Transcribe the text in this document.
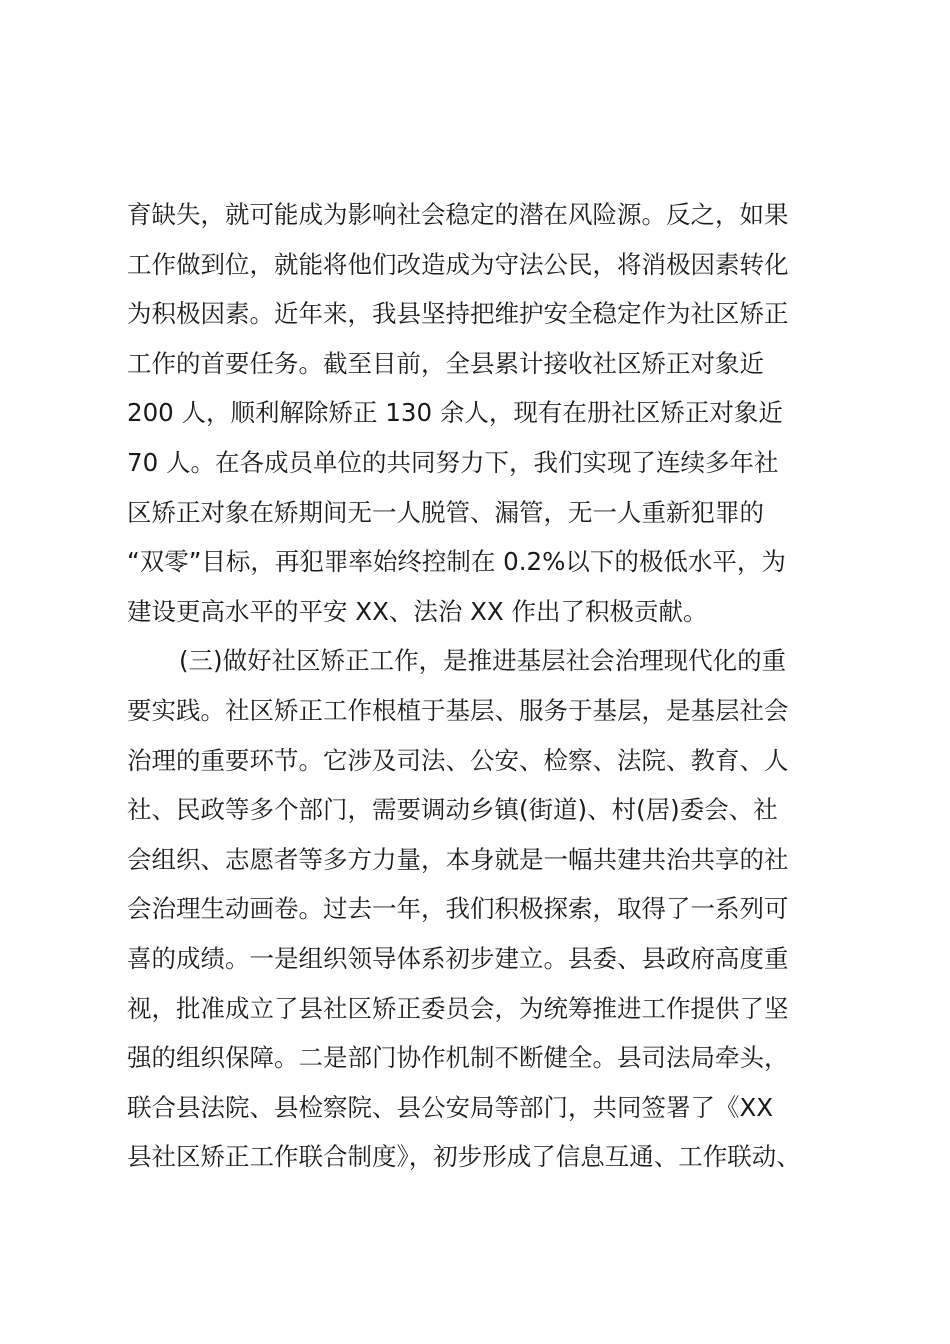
育缺失，就可能成为影响社会稳定的潜在风险源。反之，如果
工作做到位，就能将他们改造成为守法公民，将消极因素转化
为积极因素。近年来，我县坚持把维护安全稳定作为社区矫正
工作的首要任务。截至目前，全县累计接收社区矫正对象近
200 人，顺利解除矫正 130 余人，现有在册社区矫正对象近
70 人。在各成员单位的共同努力下，我们实现了连续多年社
区矫正对象在矫期间无一人脱管、漏管，无一人重新犯罪的
“双零”目标，再犯罪率始终控制在 0.2%以下的极低水平，为
建设更高水平的平安 XX、法治 XX 作出了积极贡献。
(三)做好社区矫正工作，是推进基层社会治理现代化的重
要实践。社区矫正工作根植于基层、服务于基层，是基层社会
治理的重要环节。它涉及司法、公安、检察、法院、教育、人
社、民政等多个部门，需要调动乡镇(街道)、村(居)委会、社
会组织、志愿者等多方力量，本身就是一幅共建共治共享的社
会治理生动画卷。过去一年，我们积极探索，取得了一系列可
喜的成绩。一是组织领导体系初步建立。县委、县政府高度重
视，批准成立了县社区矫正委员会，为统筹推进工作提供了坚
强的组织保障。二是部门协作机制不断健全。县司法局牵头，
联合县法院、县检察院、县公安局等部门，共同签署了《XX
县社区矫正工作联合制度》，初步形成了信息互通、工作联动、
